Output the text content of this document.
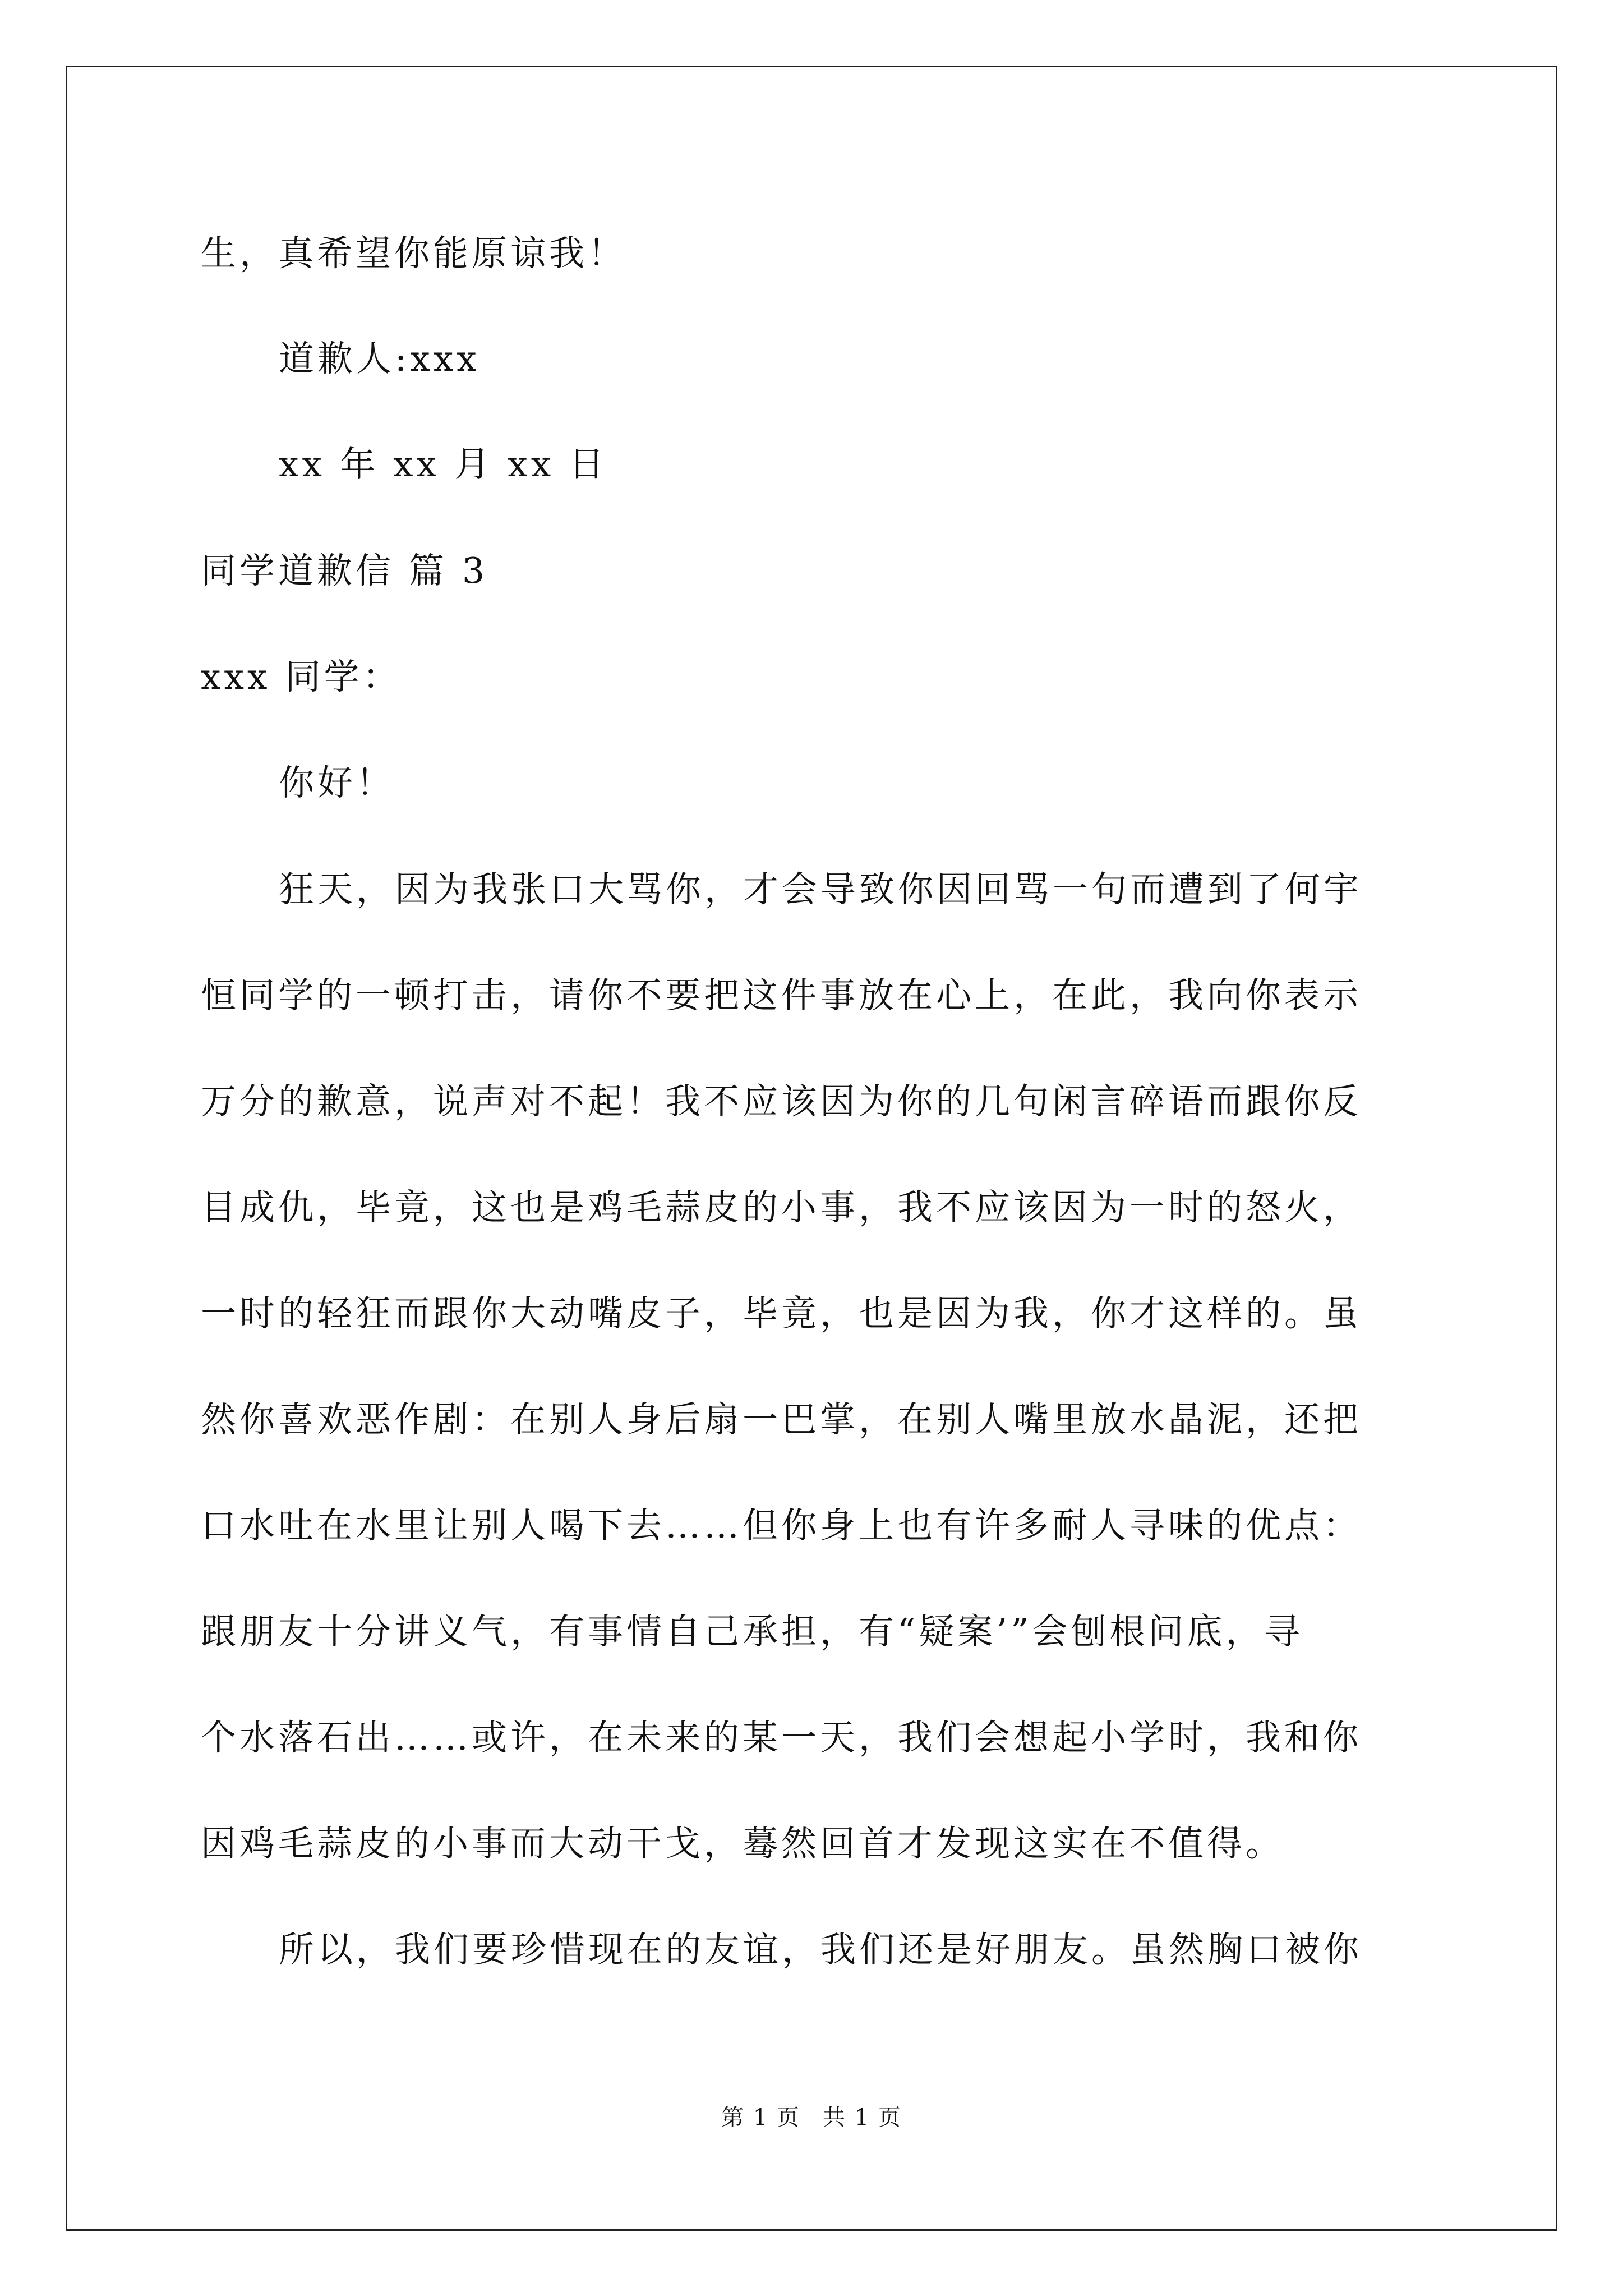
生，真希望你能原谅我！
道歉人:xxx
xx 年 xx 月 xx 日
同学道歉信 篇 3
xxx 同学：
你好！
狂天，因为我张口大骂你，才会导致你因回骂一句而遭到了何宇
恒同学的一顿打击，请你不要把这件事放在心上，在此，我向你表示
万分的歉意，说声对不起！我不应该因为你的几句闲言碎语而跟你反
目成仇，毕竟，这也是鸡毛蒜皮的小事，我不应该因为一时的怒火，
一时的轻狂而跟你大动嘴皮子，毕竟，也是因为我，你才这样的。虽
然你喜欢恶作剧：在别人身后扇一巴掌，在别人嘴里放水晶泥，还把
口水吐在水里让别人喝下去……但你身上也有许多耐人寻味的优点：
跟朋友十分讲义气，有事情自己承担，有“疑案’”会刨根问底，寻
个水落石出……或许，在未来的某一天，我们会想起小学时，我和你
因鸡毛蒜皮的小事而大动干戈，蓦然回首才发现这实在不值得。
所以，我们要珍惜现在的友谊，我们还是好朋友。虽然胸口被你
第 1 页 共 1 页
